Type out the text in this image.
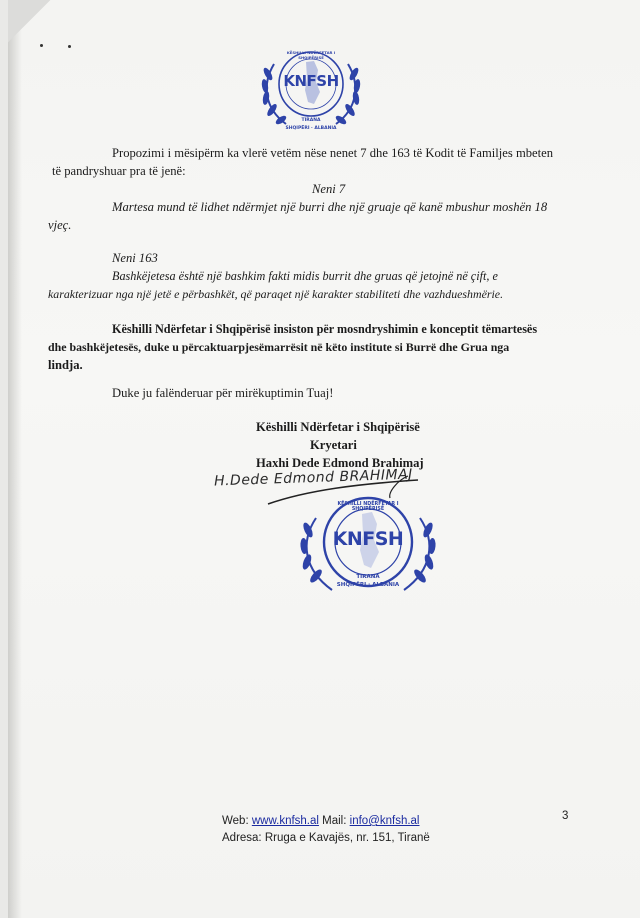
KNFSH
TIRANA
SHQIPËRI · ALBANIA
KËSHILLI NDËRFETAR I SHQIPËRISË
Propozimi i mësipërm ka vlerë vetëm nëse nenet 7 dhe 163 të Kodit të Familjes mbeten
të pandryshuar pra të jenë:
Neni 7
Martesa mund të lidhet ndërmjet një burri dhe një gruaje që kanë mbushur moshën 18
vjeç.
Neni 163
Bashkëjetesa është një bashkim fakti midis burrit dhe gruas që jetojnë në çift, e
karakterizuar nga një jetë e përbashkët, që paraqet një karakter stabiliteti dhe vazhdueshmërie.
Këshilli Ndërfetar i Shqipërisë insiston për mosndryshimin e konceptit tëmartesës
dhe bashkëjetesës, duke u përcaktuarpjesëmarrësit në këto institute si Burrë dhe Grua nga
lindja.
Duke ju falënderuar për mirëkuptimin Tuaj!
Këshilli Ndërfetar i Shqipërisë
Kryetari
Haxhi Dede Edmond Brahimaj
H.Dede Edmond BRAHIMAJ
KNFSH
TIRANA
SHQIPËRI · ALBANIA
KËSHILLI NDËRFETAR I SHQIPËRISË
Web: www.knfsh.al Mail: info@knfsh.al
Adresa: Rruga e Kavajës, nr. 151, Tiranë
3
